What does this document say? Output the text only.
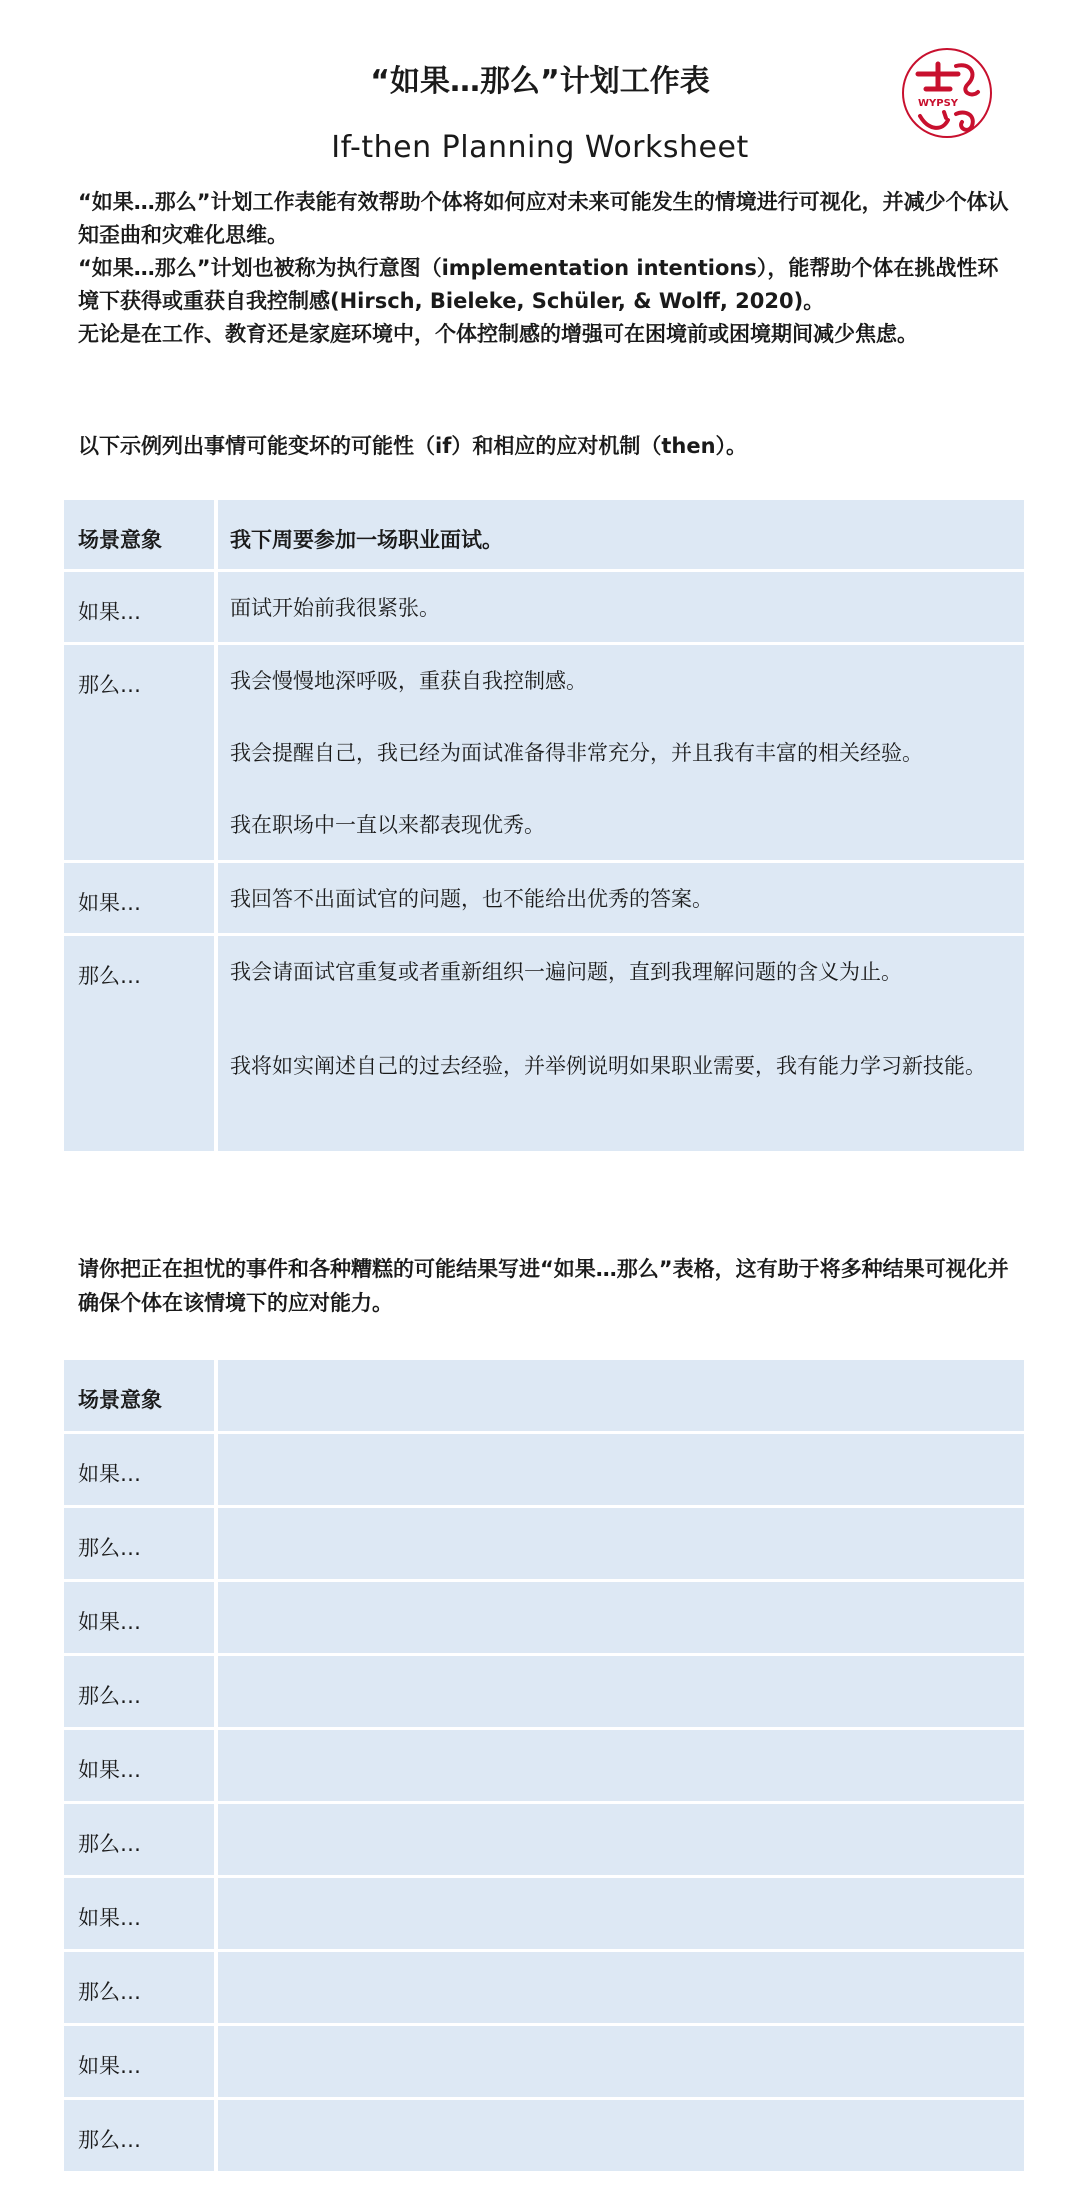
“如果…那么”计划工作表
If-then Planning Worksheet
WYPSY

“如果…那么”计划工作表能有效帮助个体将如何应对未来可能发生的情境进行可视化，并减少个体认知歪曲和灾难化思维。

“如果…那么”计划也被称为执行意图（implementation intentions），能帮助个体在挑战性环境下获得或重获自我控制感(Hirsch, Bieleke, Schüler, & Wolff, 2020)。

无论是在工作、教育还是家庭环境中，个体控制感的增强可在困境前或困境期间减少焦虑。

以下示例列出事情可能变坏的可能性（if）和相应的应对机制（then）。
场景意象	我下周要参加一场职业面试。
如果…	面试开始前我很紧张。

那么…	我会慢慢地深呼吸，重获自我控制感。
我会提醒自己，我已经为面试准备得非常充分，并且我有丰富的相关经验。
我在职场中一直以来都表现优秀。

如果…	我回答不出面试官的问题，也不能给出优秀的答案。

那么…	我会请面试官重复或者重新组织一遍问题，直到我理解问题的含义为止。
我将如实阐述自己的过去经验，并举例说明如果职业需要，我有能力学习新技能。
请你把正在担忧的事件和各种糟糕的可能结果写进“如果…那么”表格，这有助于将多种结果可视化并确保个体在该情境下的应对能力。
场景意象	
如果…	
那么…	
如果…	
那么…	
如果…	
那么…	
如果…	
那么…	
如果…	
那么…	
